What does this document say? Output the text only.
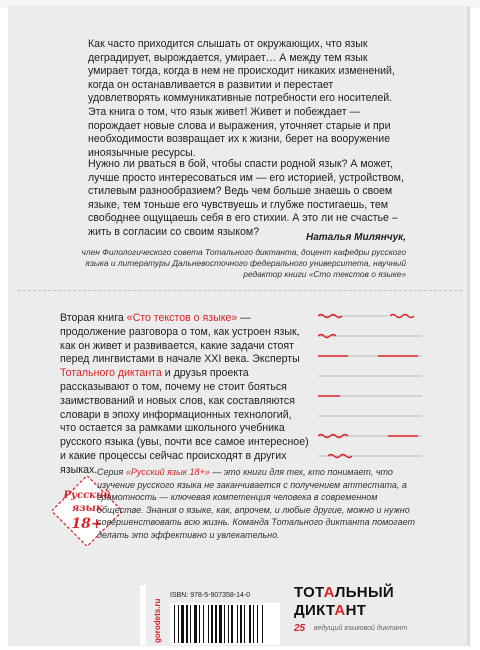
Как часто приходится слышать от окружающих, что язык деградирует, вырождается, умирает… А между тем язык умирает тогда, когда в нем не происходит никаких изменений, когда он останавливается в развитии и перестает удовлетворять коммуникативные потребности его носителей. Эта книга о том, что язык живет! Живет и побеждает — порождает новые слова и выражения, уточняет старые и при необходимости возвращает их к жизни, берет на вооружение иноязычные ресурсы.

Нужно ли рваться в бой, чтобы спасти родной язык? А может, лучше просто интересоваться им — его историей, устройством, стилевым разнообразием? Ведь чем больше знаешь о своем языке, тем тоньше его чувствуешь и глубже постигаешь, тем свободнее ощущаешь себя в его стихии. А это ли не счастье – жить в согласии со своим языком?	Наталья Милянчук,
член Филологического совета Тотального диктанта, доцент кафедры русского языка и литературы Дальневосточного федерального университета, научный редактор книги «Сто текстов о языке»

Вторая книга «Сто текстов о языке» — продолжение разговора о том, как устроен язык, как он живет и развивается, какие задачи стоят перед лингвистами в начале XXI века. Эксперты Тотального диктанта и друзья проекта рассказывают о том, почему не стоит бояться заимствований и новых слов, как составляются словари в эпоху информационных технологий, что остается за рамками школьного учебника русского языка (увы, почти все самое интересное) и какие процессы сейчас происходят в других языках.

Русский
язык
18+

Серия «Русский язык 18+» — это книги для тех, кто понимает, что изучение русского языка не заканчивается с получением аттестата, а грамотность — ключевая компетенция человека в современном обществе. Знания о языке, как, впрочем, и любые другие, можно и нужно совершенствовать всю жизнь. Команда Тотального диктанта помогает делать это эффективно и увлекательно.

gorodets.ru
ISBN: 978-5-907358-14-0	ТОТАЛЬНЫЙ
ДИКТАНТ
25 ведущий языковой диктант
